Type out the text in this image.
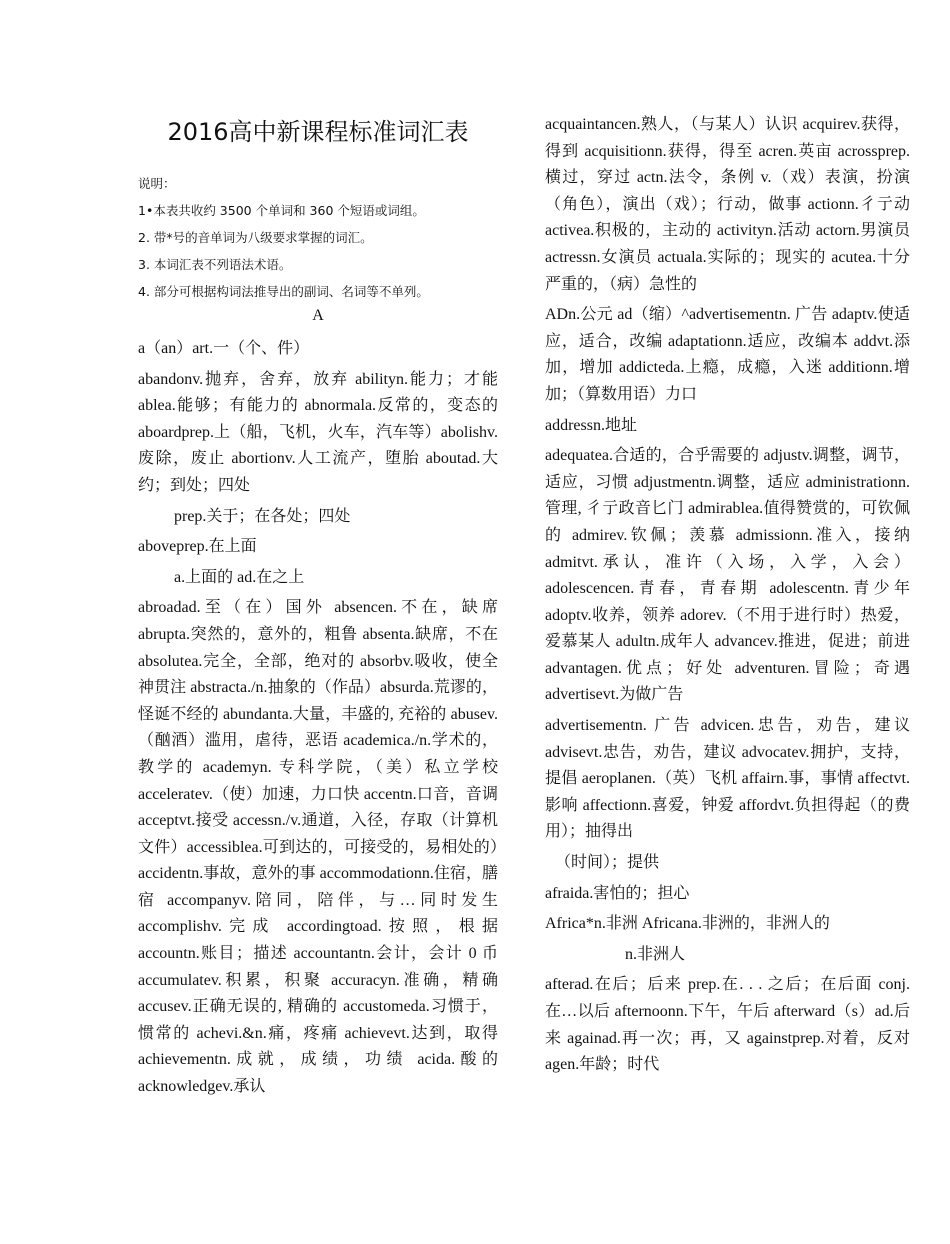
2016高中新课程标准词汇表
说明：
1•本表共收约 3500 个单词和 360 个短语或词组。
2. 带*号的音单词为八级要求掌握的词汇。
3. 本词汇表不列语法术语。
4. 部分可根据构词法推导出的副词、名词等不单列。
A

a（an）art.一（个、件）

abandonv.抛弃，舍弃，放弃 abilityn.能力；才能 ablea.能够；有能力的 abnormala.反常的，变态的 aboardprep.上（船，飞机，火车，汽车等）abolishv.废除，废止 abortionv.人工流产，堕胎 aboutad.大约；到处；四处

prep.关于；在各处；四处

aboveprep.在上面

a.上面的 ad.在之上

abroadad.至（在）国外 absencen.不在，缺席 abrupta.突然的，意外的，粗鲁 absenta.缺席，不在 absolutea.完全，全部，绝对的 absorbv.吸收，使全神贯注 abstracta./n.抽象的（作品）absurda.荒谬的，怪诞不经的 abundanta.大量，丰盛的, 充裕的 abusev.（酗酒）滥用，虐待，恶语 academica./n.学术的，教学的 academyn. 专科学院，（美）私立学校 acceleratev.（使）加速，力口快 accentn.口音，音调 acceptvt.接受 accessn./v.通道，入径，存取（计算机文件）accessiblea.可到达的，可接受的，易相处的）accidentn.事故，意外的事 accommodationn.住宿，膳宿 accompanyv.陪同，陪伴，与…同时发生 accomplishv.完成 accordingtoad.按照，根据 accountn.账目；描述 accountantn.会计，会计 0 币 accumulatev.积累，积聚 accuracyn.准确，精确 accusev.正确无误的, 精确的 accustomeda.习惯于，惯常的 achevi.&n.痛，疼痛 achievevt.达到，取得 achievementn.成就，成绩，功绩 acida.酸的 acknowledgev.承认

acquaintancen.熟人，（与某人）认识 acquirev.获得，得到 acquisitionn.获得，得至 acren.英亩 acrossprep.横过，穿过 actn.法令，条例 v.（戏）表演，扮演（角色），演出（戏）；行动，做事 actionn.彳亍动 activea.积极的，主动的 activityn.活动 actorn.男演员 actressn.女演员 actuala.实际的；现实的 acutea.十分严重的，（病）急性的

ADn.公元 ad（缩）^advertisementn. 广告 adaptv.使适应，适合，改编 adaptationn.适应，改编本 addvt.添加，增加 addicteda.上瘾，成瘾，入迷 additionn.增加；（算数用语）力口

addressn.地址

adequatea.合适的，合乎需要的 adjustv.调整，调节，适应，习惯 adjustmentn.调整，适应 administrationn.管理, 彳亍政音匕门 admirablea.值得赞赏的，可钦佩的 admirev.钦佩；羡慕 admissionn.准入，接纳 admitvt.承认，准许（入场，入学，入会）adolescencen.青春，青春期 adolescentn.青少年 adoptv.收养，领养 adorev.（不用于进行时）热爱，爱慕某人 adultn.成年人 advancev.推进，促进；前进 advantagen.优点；好处 adventuren.冒险；奇遇 advertisevt.为做广告

advertisementn. 广告 advicen.忠告，劝告，建议 advisevt.忠告，劝告，建议 advocatev.拥护，支持，提倡 aeroplanen.（英）飞机 affairn.事，事情 affectvt.影响 affectionn.喜爱，钟爱 affordvt.负担得起（的费用）；抽得出

（时间）；提供

afraida.害怕的；担心

Africa*n.非洲 Africana.非洲的，非洲人的

n.非洲人

afterad.在后；后来 prep.在. . . 之后；在后面 conj.在…以后 afternoonn.下午，午后 afterward（s）ad.后来 againad.再一次；再，又 againstprep.对着，反对 agen.年龄；时代
